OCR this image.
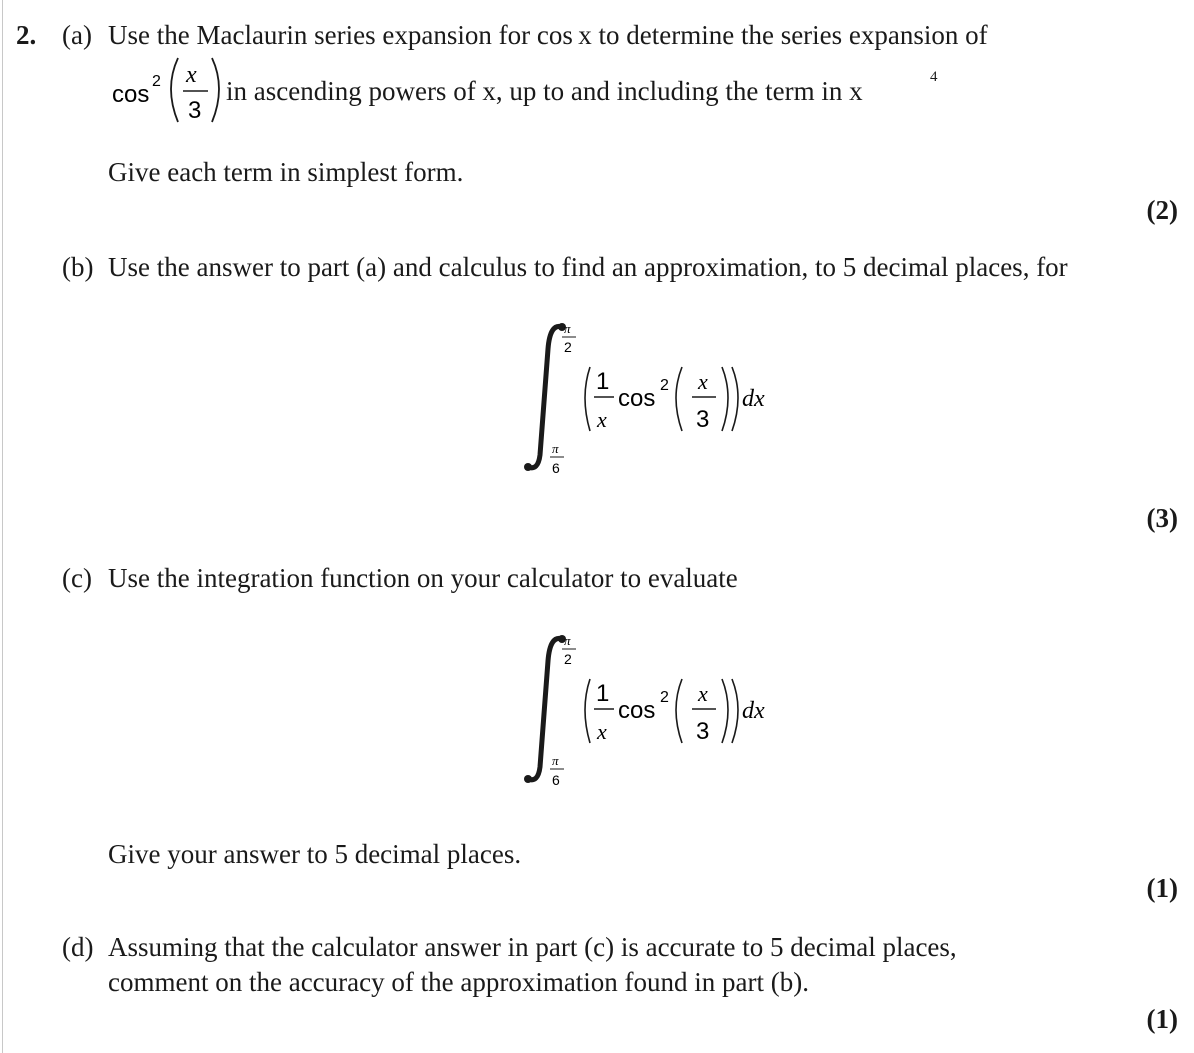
2. (a) Use the Maclaurin series expansion for cos x to determine the series expansion of
cos 2 x
3
in ascending powers of x, up to and including the term in x	4
Give each term in simplest form.
(2)
(b) Use the answer to part (a) and calculus to find an approximation, to 5 decimal places, for
π
2
π
6
1
x
cos 2 x
3
dx
(3)
(c) Use the integration function on your calculator to evaluate
π
2
π
6
1
x
cos 2 x
3
dx
Give your answer to 5 decimal places.
(1)
(d) Assuming that the calculator answer in part (c) is accurate to 5 decimal places,
comment on the accuracy of the approximation found in part (b).
(1)
